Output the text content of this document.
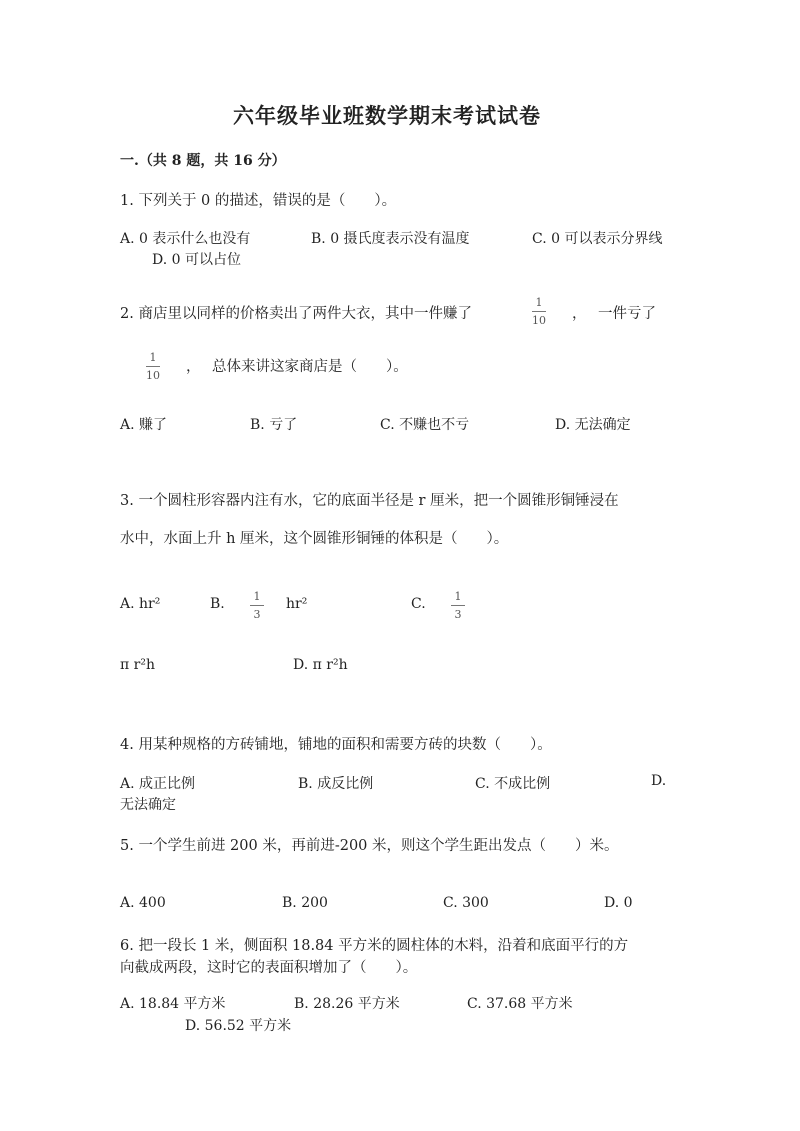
六年级毕业班数学期末考试试卷
一.（共 8 题，共 16 分）
1. 下列关于 0 的描述，错误的是（　　）。
A. 0 表示什么也没有	B. 0 摄氏度表示没有温度	C. 0 可以表示分界线
D. 0 可以占位
2. 商店里以同样的价格卖出了两件大衣，其中一件赚了
1
10 ， 一件亏了
1
10
， 总体来讲这家商店是（　　）。
A. 赚了	B. 亏了	C. 不赚也不亏	D. 无法确定
3. 一个圆柱形容器内注有水，它的底面半径是 r 厘米，把一个圆锥形铜锤浸在
水中，水面上升 h 厘米，这个圆锥形铜锤的体积是（　　）。
A. hr²	B.	1
3
hr²	C.	1
3
π r²h	D. π r²h
4. 用某种规格的方砖铺地，铺地的面积和需要方砖的块数（　　）。
A. 成正比例	B. 成反比例	C. 不成比例	D.
无法确定
5. 一个学生前进 200 米，再前进-200 米，则这个学生距出发点（　　）米。
A. 400	B. 200	C. 300	D. 0
6. 把一段长 1 米，侧面积 18.84 平方米的圆柱体的木料，沿着和底面平行的方
向截成两段，这时它的表面积增加了（　　）。
A. 18.84 平方米	B. 28.26 平方米	C. 37.68 平方米
D. 56.52 平方米
